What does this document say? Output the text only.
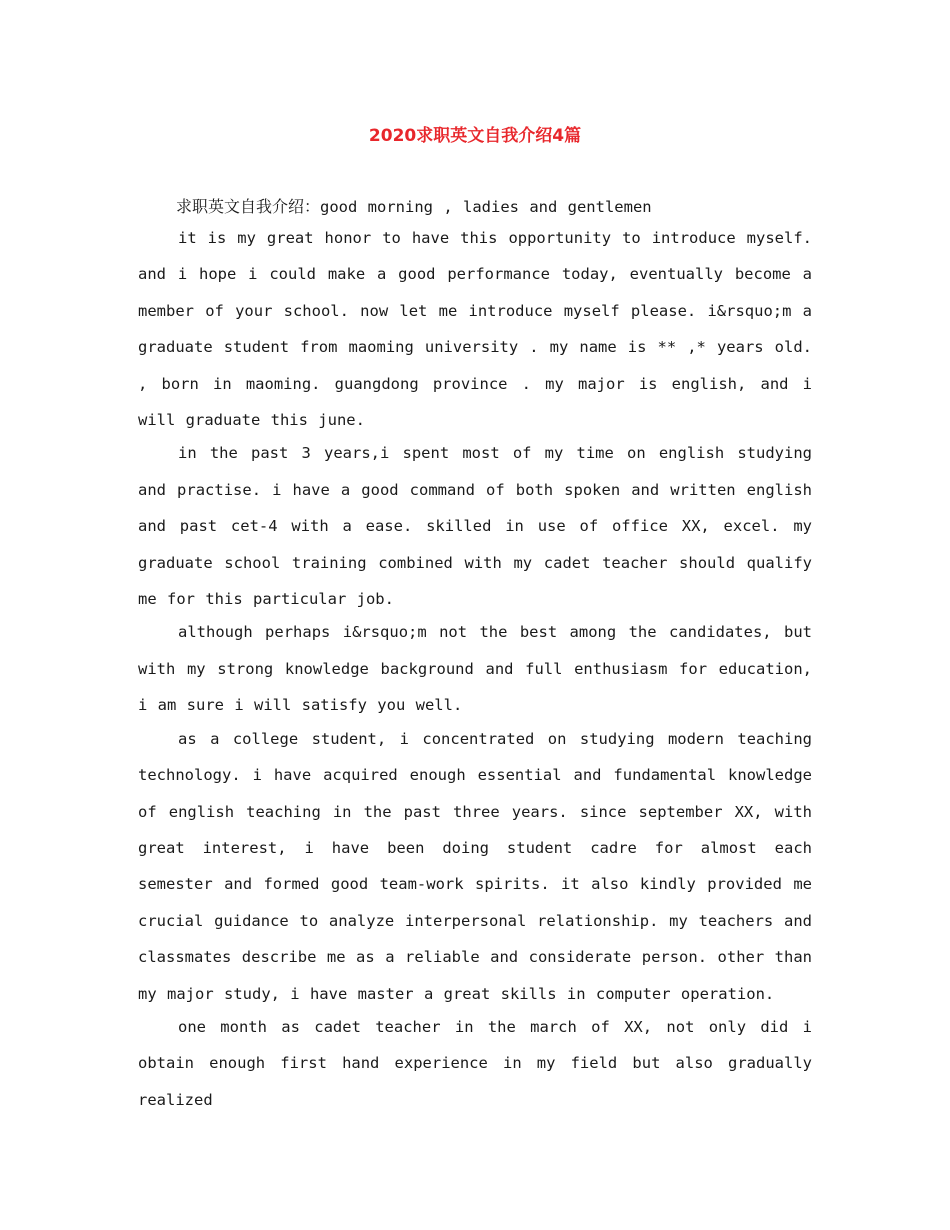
2020求职英文自我介绍4篇

求职英文自我介绍：good morning , ladies and gentlemen

it is my great honor to have this opportunity to introduce myself. and i hope i could make a good performance today, eventually become a member of your school. now let me introduce myself please. i&rsquo;m a graduate student from maoming university . my name is ** ,* years old. , born in maoming. guangdong province . my major is english, and i will graduate this june.

in the past 3 years,i spent most of my time on english studying and practise. i have a good command of both spoken and written english and past cet-4 with a ease. skilled in use of office XX, excel. my graduate school training combined with my cadet teacher should qualify me for this particular job.

although perhaps i&rsquo;m not the best among the candidates, but with my strong knowledge background and full enthusiasm for education, i am sure i will satisfy you well.

as a college student, i concentrated on studying modern teaching technology. i have acquired enough essential and fundamental knowledge of english teaching in the past three years. since september XX, with great interest, i have been doing student cadre for almost each semester and formed good team-work spirits. it also kindly provided me crucial guidance to analyze interpersonal relationship. my teachers and classmates describe me as a reliable and considerate person. other than my major study, i have master a great skills in computer operation.

one month as cadet teacher in the march of XX, not only did i obtain enough first hand experience in my field but also gradually realized
